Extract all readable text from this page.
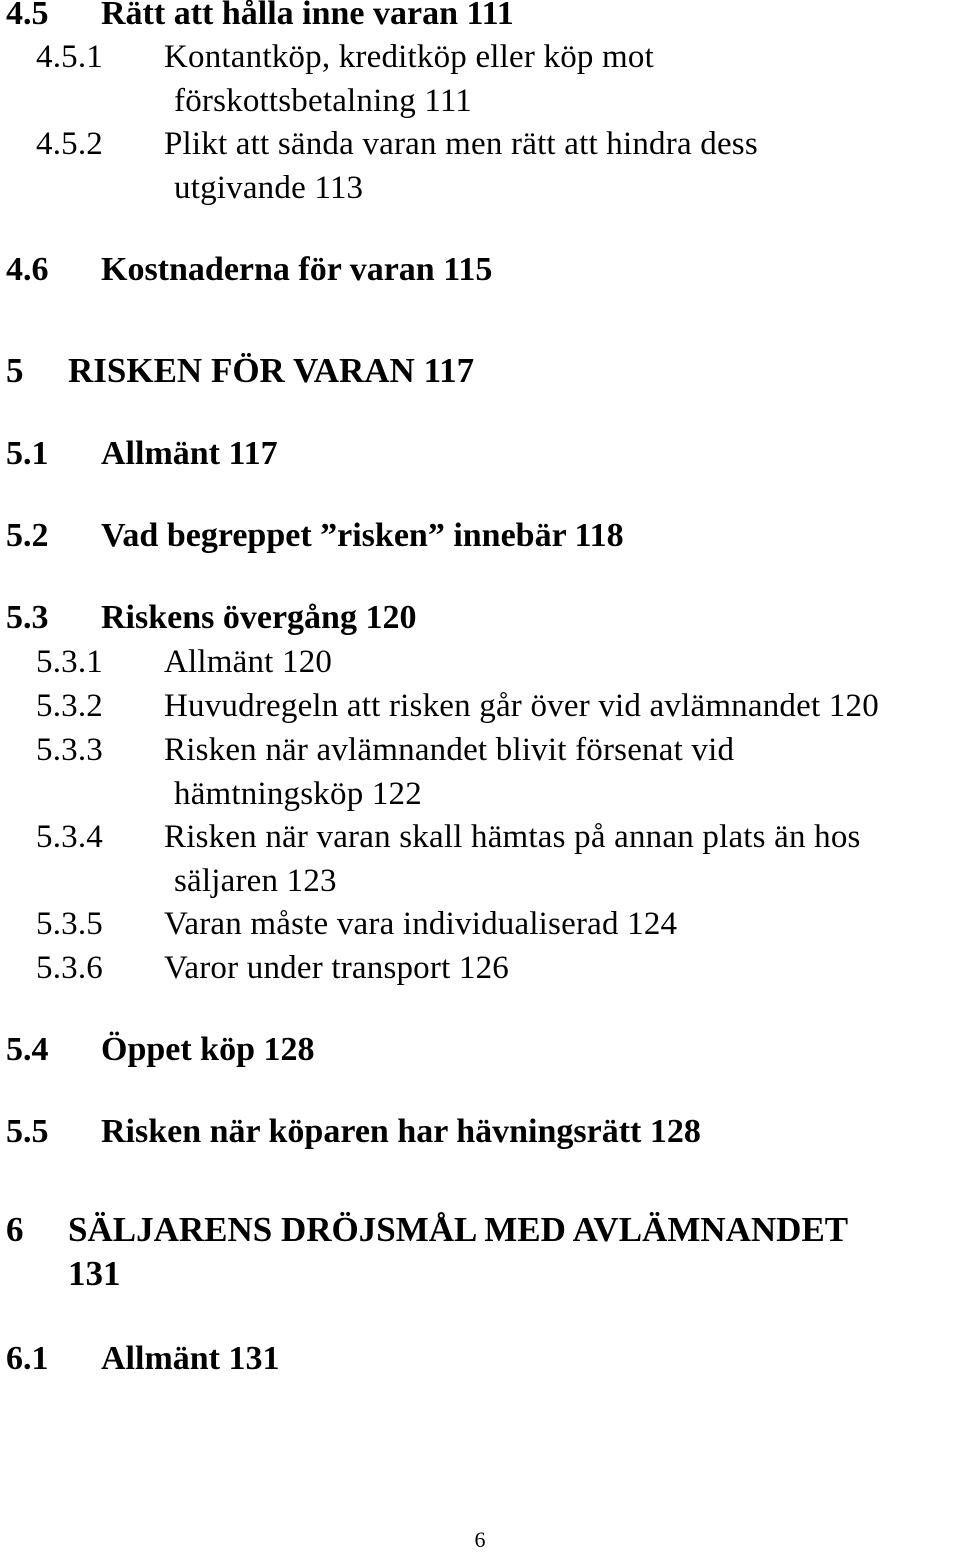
4.5 Rätt att hålla inne varan 111
4.5.1 Kontantköp, kreditköp eller köp mot
förskottsbetalning 111
4.5.2 Plikt att sända varan men rätt att hindra dess
utgivande 113
4.6 Kostnaderna för varan 115
5 RISKEN FÖR VARAN 117
5.1 Allmänt 117
5.2 Vad begreppet ”risken” innebär 118
5.3 Riskens övergång 120
5.3.1 Allmänt 120
5.3.2 Huvudregeln att risken går över vid avlämnandet 120
5.3.3 Risken när avlämnandet blivit försenat vid
hämtningsköp 122
5.3.4 Risken när varan skall hämtas på annan plats än hos
säljaren 123
5.3.5 Varan måste vara individualiserad 124
5.3.6 Varor under transport 126
5.4 Öppet köp 128
5.5 Risken när köparen har hävningsrätt 128
6 SÄLJARENS DRÖJSMÅL MED AVLÄMNANDET
131
6.1 Allmänt 131
6
